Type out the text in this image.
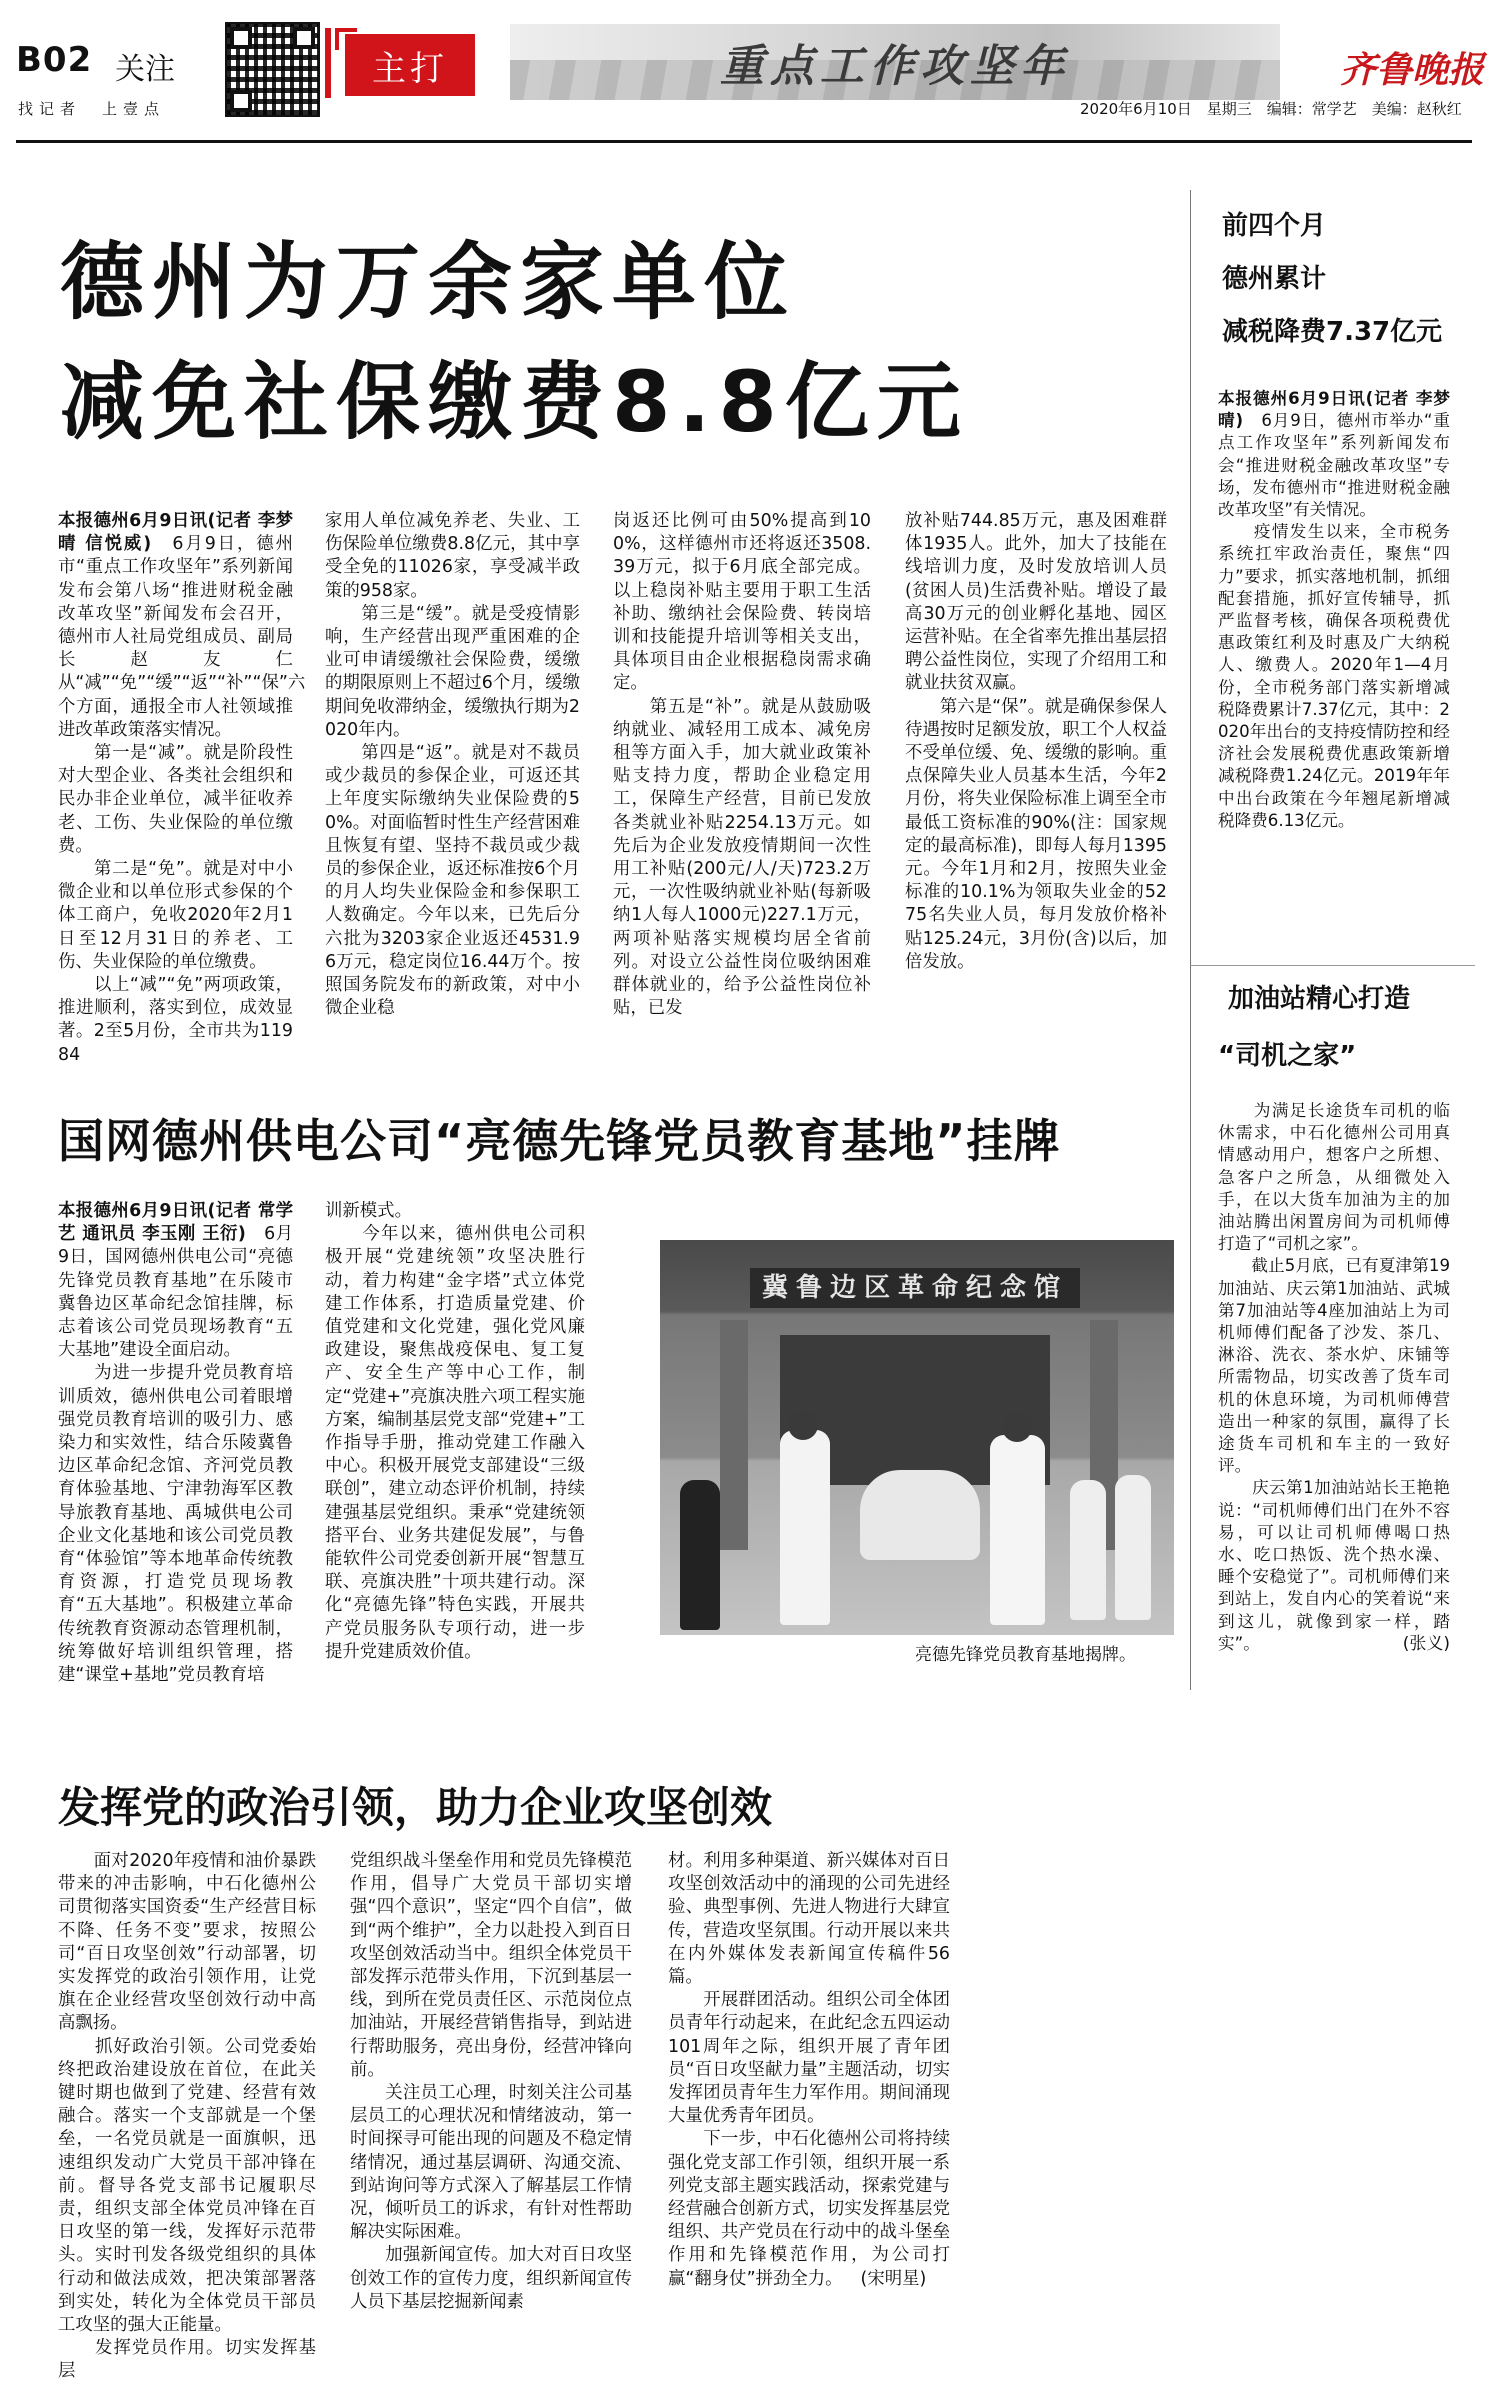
B02 关注
找记者　上壹点
主打	重点工作攻坚年	齐鲁晚报
2020年6月10日　星期三　编辑：常学艺　美编：赵秋红
德州为万余家单位
减免社保缴费8.8亿元
本报德州6月9日讯(记者 李梦晴 信悦威)　6月9日，德州市“重点工作攻坚年”系列新闻发布会第八场“推进财税金融改革攻坚”新闻发布会召开，德州市人社局党组成员、副局长赵友仁从“减”“免”“缓”“返”“补”“保”六个方面，通报全市人社领域推进改革政策落实情况。
　　第一是“减”。就是阶段性对大型企业、各类社会组织和民办非企业单位，减半征收养老、工伤、失业保险的单位缴费。
　　第二是“免”。就是对中小微企业和以单位形式参保的个体工商户，免收2020年2月1日至12月31日的养老、工伤、失业保险的单位缴费。
　　以上“减”“免”两项政策，推进顺利，落实到位，成效显著。2至5月份，全市共为11984
家用人单位减免养老、失业、工伤保险单位缴费8.8亿元，其中享受全免的11026家，享受减半政策的958家。
　　第三是“缓”。就是受疫情影响，生产经营出现严重困难的企业可申请缓缴社会保险费，缓缴的期限原则上不超过6个月，缓缴期间免收滞纳金，缓缴执行期为2020年内。
　　第四是“返”。就是对不裁员或少裁员的参保企业，可返还其上年度实际缴纳失业保险费的50%。对面临暂时性生产经营困难且恢复有望、坚持不裁员或少裁员的参保企业，返还标准按6个月的月人均失业保险金和参保职工人数确定。今年以来，已先后分六批为3203家企业返还4531.96万元，稳定岗位16.44万个。按照国务院发布的新政策，对中小微企业稳
岗返还比例可由50%提高到100%，这样德州市还将返还3508.39万元，拟于6月底全部完成。以上稳岗补贴主要用于职工生活补助、缴纳社会保险费、转岗培训和技能提升培训等相关支出，具体项目由企业根据稳岗需求确定。
　　第五是“补”。就是从鼓励吸纳就业、减轻用工成本、减免房租等方面入手，加大就业政策补贴支持力度，帮助企业稳定用工，保障生产经营，目前已发放各类就业补贴2254.13万元。如先后为企业发放疫情期间一次性用工补贴(200元/人/天)723.2万元，一次性吸纳就业补贴(每新吸纳1人每人1000元)227.1万元，两项补贴落实规模均居全省前列。对设立公益性岗位吸纳困难群体就业的，给予公益性岗位补贴，已发
放补贴744.85万元，惠及困难群体1935人。此外，加大了技能在线培训力度，及时发放培训人员(贫困人员)生活费补贴。增设了最高30万元的创业孵化基地、园区运营补贴。在全省率先推出基层招聘公益性岗位，实现了介绍用工和就业扶贫双赢。
　　第六是“保”。就是确保参保人待遇按时足额发放，职工个人权益不受单位缓、免、缓缴的影响。重点保障失业人员基本生活，今年2月份，将失业保险标准上调至全市最低工资标准的90%(注：国家规定的最高标准)，即每人每月1395元。今年1月和2月，按照失业金标准的10.1%为领取失业金的5275名失业人员，每月发放价格补贴125.24元，3月份(含)以后，加倍发放。
前四个月
德州累计
减税降费7.37亿元
本报德州6月9日讯(记者 李梦晴)　6月9日，德州市举办“重点工作攻坚年”系列新闻发布会“推进财税金融改革攻坚”专场，发布德州市“推进财税金融改革攻坚”有关情况。
　　疫情发生以来，全市税务系统扛牢政治责任，聚焦“四力”要求，抓实落地机制，抓细配套措施，抓好宣传辅导，抓严监督考核，确保各项税费优惠政策红利及时惠及广大纳税人、缴费人。2020年1—4月份，全市税务部门落实新增减税降费累计7.37亿元，其中：2020年出台的支持疫情防控和经济社会发展税费优惠政策新增减税降费1.24亿元。2019年年中出台政策在今年翘尾新增减税降费6.13亿元。
加油站精心打造
“司机之家”
　　为满足长途货车司机的临休需求，中石化德州公司用真情感动用户，想客户之所想、急客户之所急，从细微处入手，在以大货车加油为主的加油站腾出闲置房间为司机师傅打造了“司机之家”。
　　截止5月底，已有夏津第19加油站、庆云第1加油站、武城第7加油站等4座加油站上为司机师傅们配备了沙发、茶几、淋浴、洗衣、茶水炉、床铺等所需物品，切实改善了货车司机的休息环境，为司机师傅营造出一种家的氛围，赢得了长途货车司机和车主的一致好评。
　　庆云第1加油站站长王艳艳说：“司机师傅们出门在外不容易，可以让司机师傅喝口热水、吃口热饭、洗个热水澡、睡个安稳觉了”。司机师傅们来到站上，发自内心的笑着说“来到这儿，就像到家一样，踏实”。	(张义)
国网德州供电公司“亮德先锋党员教育基地”挂牌
本报德州6月9日讯(记者 常学艺 通讯员 李玉刚 王衍)　6月9日，国网德州供电公司“亮德先锋党员教育基地”在乐陵市冀鲁边区革命纪念馆挂牌，标志着该公司党员现场教育“五大基地”建设全面启动。
　　为进一步提升党员教育培训质效，德州供电公司着眼增强党员教育培训的吸引力、感染力和实效性，结合乐陵冀鲁边区革命纪念馆、齐河党员教育体验基地、宁津勃海军区教导旅教育基地、禹城供电公司企业文化基地和该公司党员教育“体验馆”等本地革命传统教育资源，打造党员现场教育“五大基地”。积极建立革命传统教育资源动态管理机制，统筹做好培训组织管理，搭建“课堂+基地”党员教育培
训新模式。
　　今年以来，德州供电公司积极开展“党建统领”攻坚决胜行动，着力构建“金字塔”式立体党建工作体系，打造质量党建、价值党建和文化党建，强化党风廉政建设，聚焦战疫保电、复工复产、安全生产等中心工作，制定“党建+”亮旗决胜六项工程实施方案，编制基层党支部“党建+”工作指导手册，推动党建工作融入中心。积极开展党支部建设“三级联创”，建立动态评价机制，持续建强基层党组织。秉承“党建统领搭平台、业务共建促发展”，与鲁能软件公司党委创新开展“智慧互联、亮旗决胜”十项共建行动。深化“亮德先锋”特色实践，开展共产党员服务队专项行动，进一步提升党建质效价值。
冀鲁边区革命纪念馆
亮德先锋党员教育基地揭牌。
发挥党的政治引领，助力企业攻坚创效
　　面对2020年疫情和油价暴跌带来的冲击影响，中石化德州公司贯彻落实国资委“生产经营目标不降、任务不变”要求，按照公司“百日攻坚创效”行动部署，切实发挥党的政治引领作用，让党旗在企业经营攻坚创效行动中高高飘扬。
　　抓好政治引领。公司党委始终把政治建设放在首位，在此关键时期也做到了党建、经营有效融合。落实一个支部就是一个堡垒，一名党员就是一面旗帜，迅速组织发动广大党员干部冲锋在前。督导各党支部书记履职尽责，组织支部全体党员冲锋在百日攻坚的第一线，发挥好示范带头。实时刊发各级党组织的具体行动和做法成效，把决策部署落到实处，转化为全体党员干部员工攻坚的强大正能量。
　　发挥党员作用。切实发挥基层
党组织战斗堡垒作用和党员先锋模范作用，倡导广大党员干部切实增强“四个意识”，坚定“四个自信”，做到“两个维护”，全力以赴投入到百日攻坚创效活动当中。组织全体党员干部发挥示范带头作用，下沉到基层一线，到所在党员责任区、示范岗位点加油站，开展经营销售指导，到站进行帮助服务，亮出身份，经营冲锋向前。
　　关注员工心理，时刻关注公司基层员工的心理状况和情绪波动，第一时间探寻可能出现的问题及不稳定情绪情况，通过基层调研、沟通交流、到站询问等方式深入了解基层工作情况，倾听员工的诉求，有针对性帮助解决实际困难。
　　加强新闻宣传。加大对百日攻坚创效工作的宣传力度，组织新闻宣传人员下基层挖掘新闻素
材。利用多种渠道、新兴媒体对百日攻坚创效活动中的涌现的公司先进经验、典型事例、先进人物进行大肆宣传，营造攻坚氛围。行动开展以来共在内外媒体发表新闻宣传稿件56篇。
　　开展群团活动。组织公司全体团员青年行动起来，在此纪念五四运动101周年之际，组织开展了青年团员“百日攻坚献力量”主题活动，切实发挥团员青年生力军作用。期间涌现大量优秀青年团员。
　　下一步，中石化德州公司将持续强化党支部工作引领，组织开展一系列党支部主题实践活动，探索党建与经营融合创新方式，切实发挥基层党组织、共产党员在行动中的战斗堡垒作用和先锋模范作用，为公司打赢“翻身仗”拼劲全力。 (宋明星)
